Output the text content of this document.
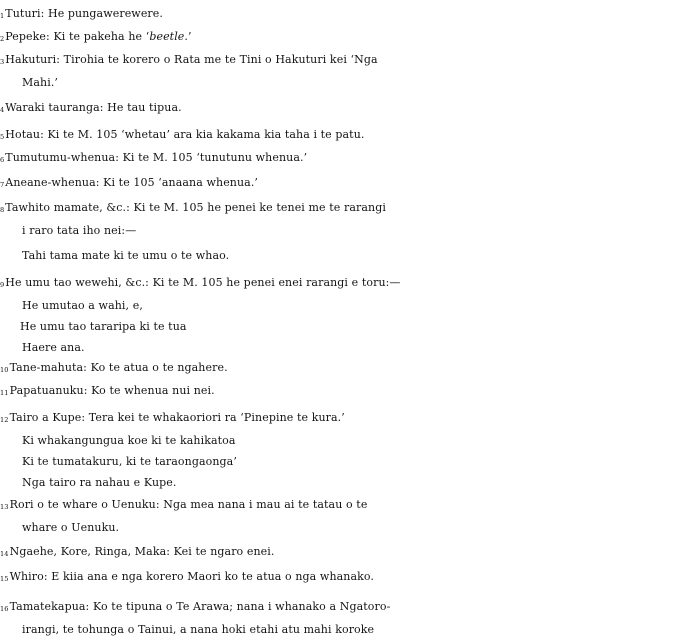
1Tuturi: He pungawerewere.
2Pepeke: Ki te pakeha he ‘beetle.’
3Hakuturi: Tirohia te korero o Rata me te Tini o Hakuturi kei ‘Nga
Mahi.’
4Waraki tauranga: He tau tipua.
5Hotau: Ki te M. 105 ‘whetau’ ara kia kakama kia taha i te patu.
6Tumutumu-whenua: Ki te M. 105 ‘tunutunu whenua.’
7Aneane-whenua: Ki te 105 ‘anaana whenua.’
8Tawhito mamate, &c.: Ki te M. 105 he penei ke tenei me te rarangi
i raro tata iho nei:—
Tahi tama mate ki te umu o te whao.
9He umu tao wewehi, &c.: Ki te M. 105 he penei enei rarangi e toru:—
He umutao a wahi, e,
He umu tao tararipa ki te tua
Haere ana.
10Tane-mahuta: Ko te atua o te ngahere.
11Papatuanuku: Ko te whenua nui nei.
12Tairo a Kupe: Tera kei te whakaoriori ra ‘Pinepine te kura.’
Ki whakangungua koe ki te kahikatoa
Ki te tumatakuru, ki te taraongaonga’
Nga tairo ra nahau e Kupe.
13Rori o te whare o Uenuku: Nga mea nana i mau ai te tatau o te
whare o Uenuku.
14Ngaehe, Kore, Ringa, Maka: Kei te ngaro enei.
15Whiro: E kiia ana e nga korero Maori ko te atua o nga whanako.
16Tamatekapua: Ko te tipuna o Te Arawa; nana i whanako a Ngatoro-
irangi, te tohunga o Tainui, a nana hoki etahi atu mahi koroke
